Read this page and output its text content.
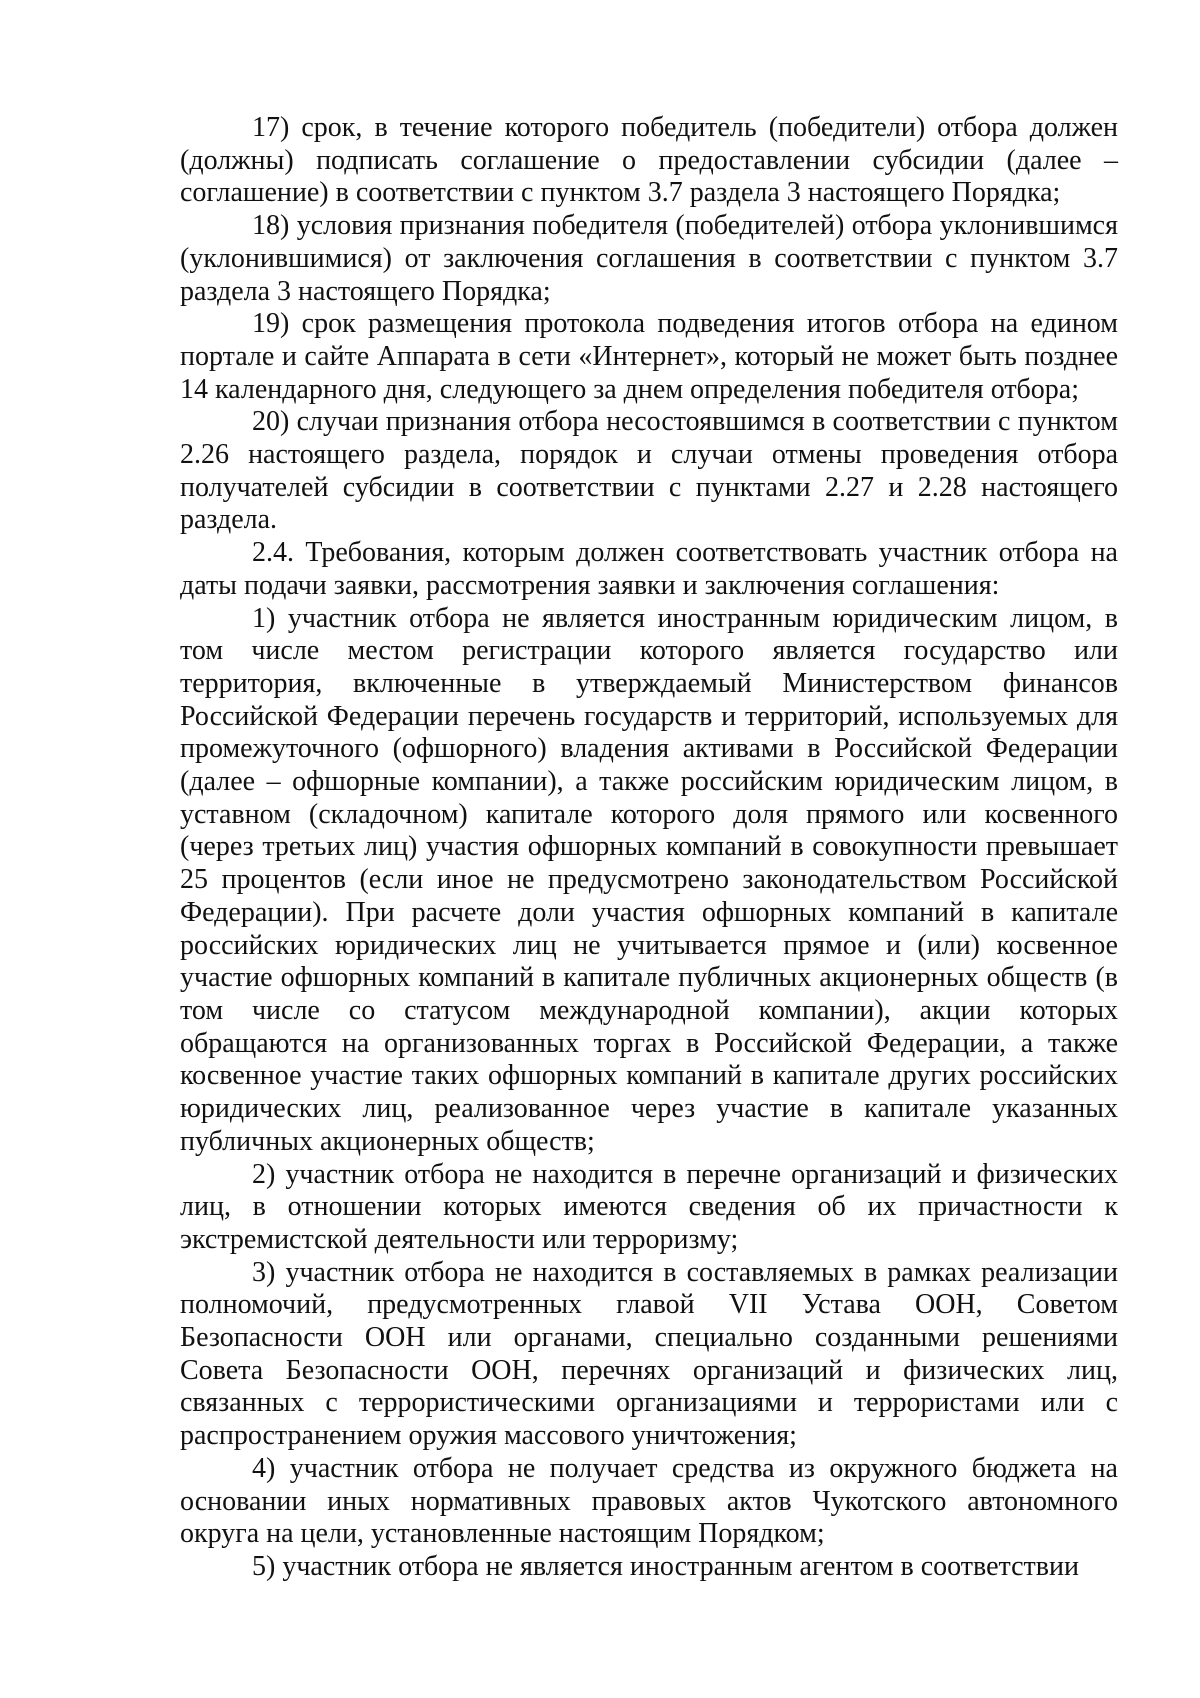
17) срок, в течение которого победитель (победители) отбора должен (должны) подписать соглашение о предоставлении субсидии (далее – соглашение) в соответствии с пунктом 3.7 раздела 3 настоящего Порядка;

18) условия признания победителя (победителей) отбора уклонившимся (уклонившимися) от заключения соглашения в соответствии с пунктом 3.7 раздела 3 настоящего Порядка;

19) срок размещения протокола подведения итогов отбора на едином портале и сайте Аппарата в сети «Интернет», который не может быть позднее 14 календарного дня, следующего за днем определения победителя отбора;

20) случаи признания отбора несостоявшимся в соответствии с пунктом 2.26 настоящего раздела, порядок и случаи отмены проведения отбора получателей субсидии в соответствии с пунктами 2.27 и 2.28 настоящего раздела.

2.4. Требования, которым должен соответствовать участник отбора на даты подачи заявки, рассмотрения заявки и заключения соглашения:

1) участник отбора не является иностранным юридическим лицом, в том числе местом регистрации которого является государство или территория, включенные в утверждаемый Министерством финансов Российской Федерации перечень государств и территорий, используемых для промежуточного (офшорного) владения активами в Российской Федерации (далее – офшорные компании), а также российским юридическим лицом, в уставном (складочном) капитале которого доля прямого или косвенного (через третьих лиц) участия офшорных компаний в совокупности превышает 25 процентов (если иное не предусмотрено законодательством Российской Федерации). При расчете доли участия офшорных компаний в капитале российских юридических лиц не учитывается прямое и (или) косвенное участие офшорных компаний в капитале публичных акционерных обществ (в том числе со статусом международной компании), акции которых обращаются на организованных торгах в Российской Федерации, а также косвенное участие таких офшорных компаний в капитале других российских юридических лиц, реализованное через участие в капитале указанных публичных акционерных обществ;

2) участник отбора не находится в перечне организаций и физических лиц, в отношении которых имеются сведения об их причастности к экстремистской деятельности или терроризму;

3) участник отбора не находится в составляемых в рамках реализации полномочий, предусмотренных главой VII Устава ООН, Советом Безопасности ООН или органами, специально созданными решениями Совета Безопасности ООН, перечнях организаций и физических лиц, связанных с террористическими организациями и террористами или с распространением оружия массового уничтожения;

4) участник отбора не получает средства из окружного бюджета на основании иных нормативных правовых актов Чукотского автономного округа на цели, установленные настоящим Порядком;

5) участник отбора не является иностранным агентом в соответствии
